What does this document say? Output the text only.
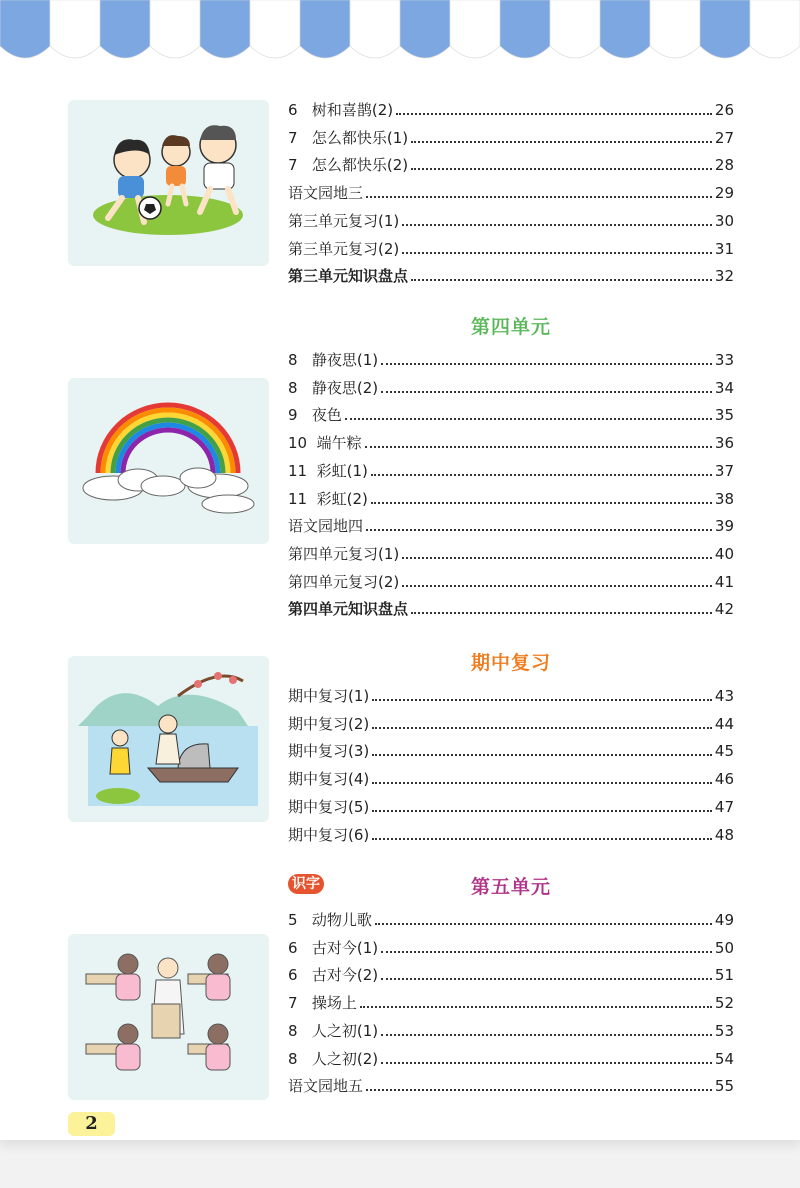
6   树和喜鹊(2)	26
7   怎么都快乐(1)	27
7   怎么都快乐(2)	28
语文园地三	29
第三单元复习(1)	30
第三单元复习(2)	31
第三单元知识盘点	32
第四单元
8   静夜思(1)	33
8   静夜思(2)	34
9   夜色	35
10  端午粽	36
11  彩虹(1)	37
11  彩虹(2)	38
语文园地四	39
第四单元复习(1)	40
第四单元复习(2)	41
第四单元知识盘点	42
期中复习
期中复习(1)	43
期中复习(2)	44
期中复习(3)	45
期中复习(4)	46
期中复习(5)	47
期中复习(6)	48
第五单元
5   动物儿歌	49
6   古对今(1)	50
6   古对今(2)	51
7   操场上	52
8   人之初(1)	53
8   人之初(2)	54
语文园地五	55
识字
2
